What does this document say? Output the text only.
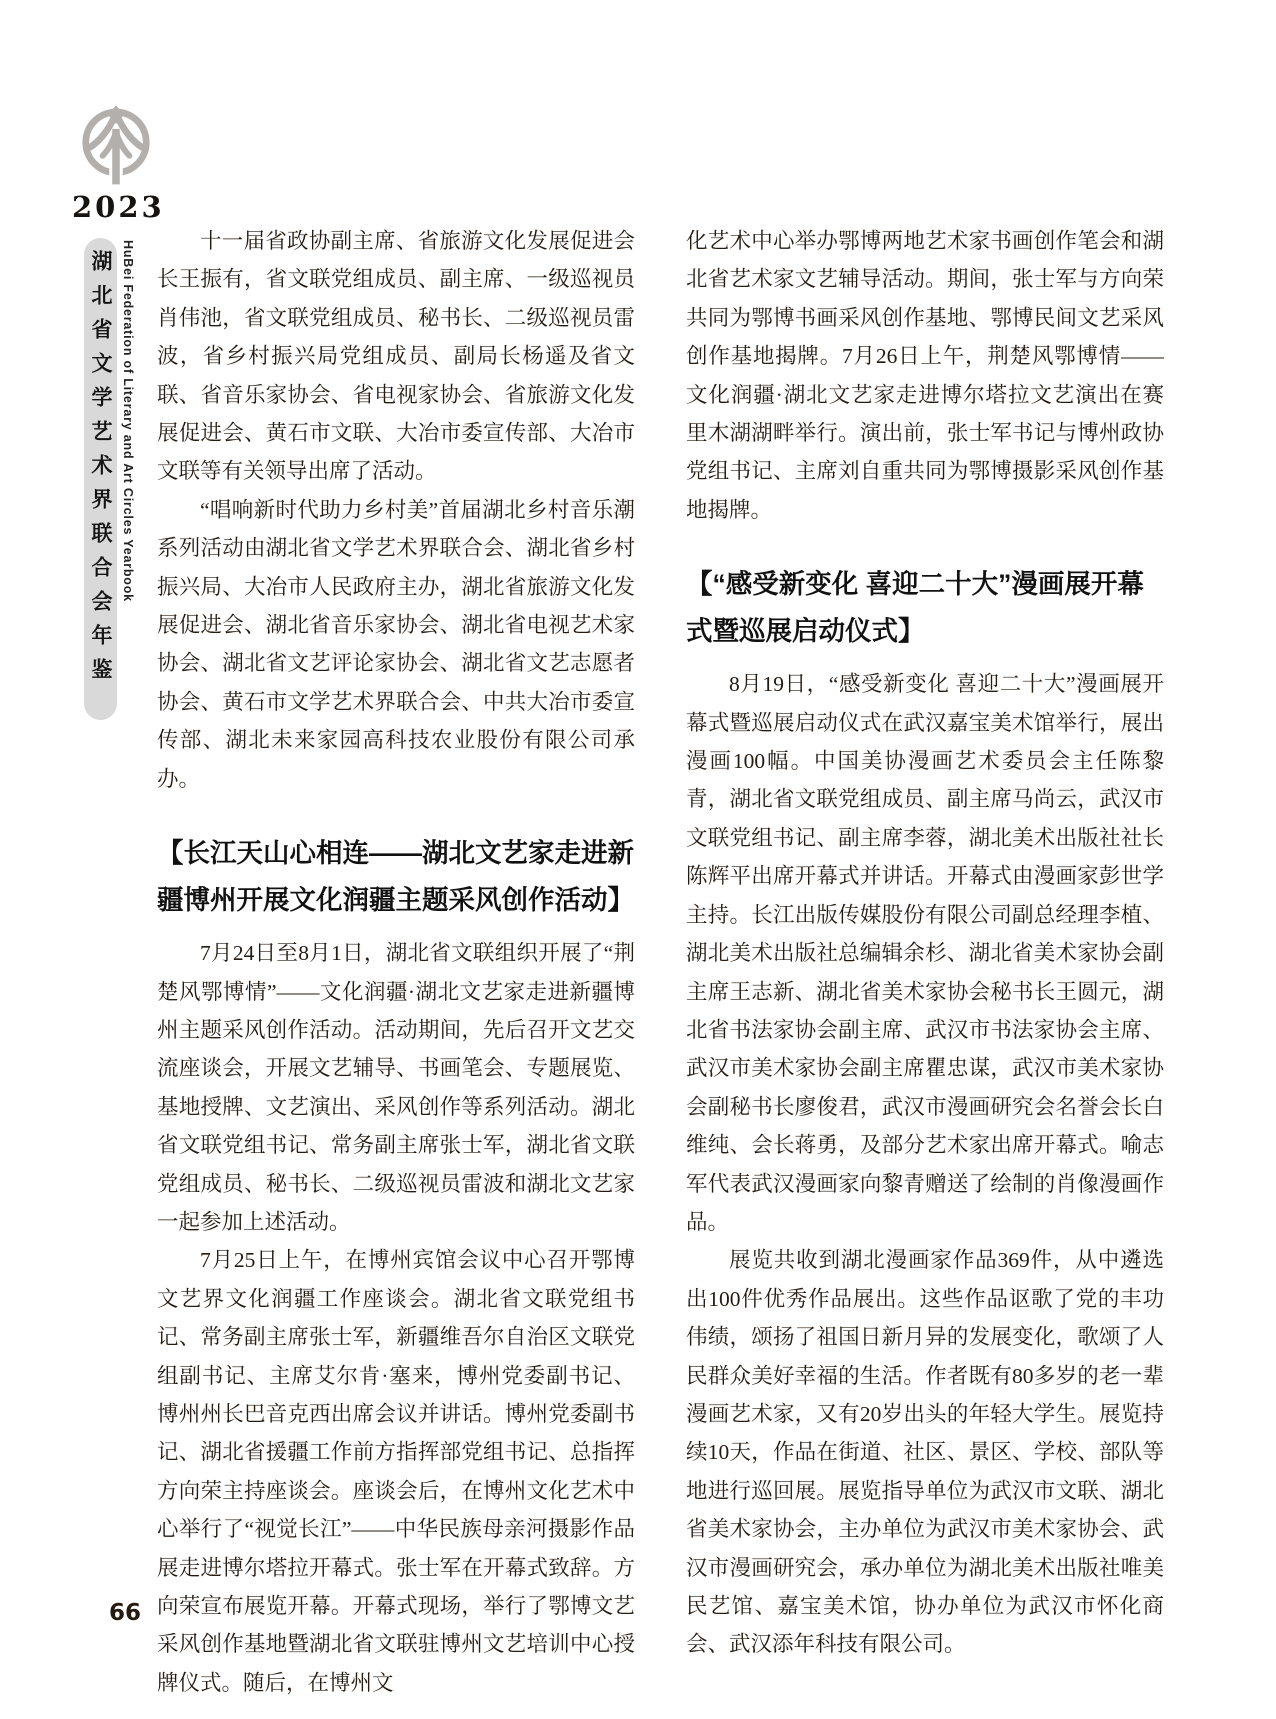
2023
湖北省文学艺术界联合会年鉴 HuBei Federation of Literary and Art Circles Yearbook	十一届省政协副主席、省旅游文化发展促进会长王振有，省文联党组成员、副主席、一级巡视员肖伟池，省文联党组成员、秘书长、二级巡视员雷波，省乡村振兴局党组成员、副局长杨遥及省文联、省音乐家协会、省电视家协会、省旅游文化发展促进会、黄石市文联、大冶市委宣传部、大冶市文联等有关领导出席了活动。

“唱响新时代助力乡村美”首届湖北乡村音乐潮系列活动由湖北省文学艺术界联合会、湖北省乡村振兴局、大冶市人民政府主办，湖北省旅游文化发展促进会、湖北省音乐家协会、湖北省电视艺术家协会、湖北省文艺评论家协会、湖北省文艺志愿者协会、黄石市文学艺术界联合会、中共大冶市委宣传部、湖北未来家园高科技农业股份有限公司承办。

【长江天山心相连——湖北文艺家走进新疆博州开展文化润疆主题采风创作活动】

7月24日至8月1日，湖北省文联组织开展了“荆楚风鄂博情”——文化润疆·湖北文艺家走进新疆博州主题采风创作活动。活动期间，先后召开文艺交流座谈会，开展文艺辅导、书画笔会、专题展览、基地授牌、文艺演出、采风创作等系列活动。湖北省文联党组书记、常务副主席张士军，湖北省文联党组成员、秘书长、二级巡视员雷波和湖北文艺家一起参加上述活动。

7月25日上午，在博州宾馆会议中心召开鄂博文艺界文化润疆工作座谈会。湖北省文联党组书记、常务副主席张士军，新疆维吾尔自治区文联党组副书记、主席艾尔肯·塞来，博州党委副书记、博州州长巴音克西出席会议并讲话。博州党委副书记、湖北省援疆工作前方指挥部党组书记、总指挥方向荣主持座谈会。座谈会后，在博州文化艺术中心举行了“视觉长江”——中华民族母亲河摄影作品展走进博尔塔拉开幕式。张士军在开幕式致辞。方向荣宣布展览开幕。开幕式现场，举行了鄂博文艺采风创作基地暨湖北省文联驻博州文艺培训中心授牌仪式。随后，在博州文

化艺术中心举办鄂博两地艺术家书画创作笔会和湖北省艺术家文艺辅导活动。期间，张士军与方向荣共同为鄂博书画采风创作基地、鄂博民间文艺采风创作基地揭牌。7月26日上午，荆楚风鄂博情——文化润疆·湖北文艺家走进博尔塔拉文艺演出在赛里木湖湖畔举行。演出前，张士军书记与博州政协党组书记、主席刘自重共同为鄂博摄影采风创作基地揭牌。

【“感受新变化 喜迎二十大”漫画展开幕式暨巡展启动仪式】

8月19日，“感受新变化 喜迎二十大”漫画展开幕式暨巡展启动仪式在武汉嘉宝美术馆举行，展出漫画100幅。中国美协漫画艺术委员会主任陈黎青，湖北省文联党组成员、副主席马尚云，武汉市文联党组书记、副主席李蓉，湖北美术出版社社长陈辉平出席开幕式并讲话。开幕式由漫画家彭世学主持。长江出版传媒股份有限公司副总经理李植、湖北美术出版社总编辑余杉、湖北省美术家协会副主席王志新、湖北省美术家协会秘书长王圆元，湖北省书法家协会副主席、武汉市书法家协会主席、武汉市美术家协会副主席瞿忠谋，武汉市美术家协会副秘书长廖俊君，武汉市漫画研究会名誉会长白维纯、会长蒋勇，及部分艺术家出席开幕式。喻志军代表武汉漫画家向黎青赠送了绘制的肖像漫画作品。

展览共收到湖北漫画家作品369件，从中遴选出100件优秀作品展出。这些作品讴歌了党的丰功伟绩，颂扬了祖国日新月异的发展变化，歌颂了人民群众美好幸福的生活。作者既有80多岁的老一辈漫画艺术家，又有20岁出头的年轻大学生。展览持续10天，作品在街道、社区、景区、学校、部队等地进行巡回展。展览指导单位为武汉市文联、湖北省美术家协会，主办单位为武汉市美术家协会、武汉市漫画研究会，承办单位为湖北美术出版社唯美民艺馆、嘉宝美术馆，协办单位为武汉市怀化商会、武汉添年科技有限公司。

66
